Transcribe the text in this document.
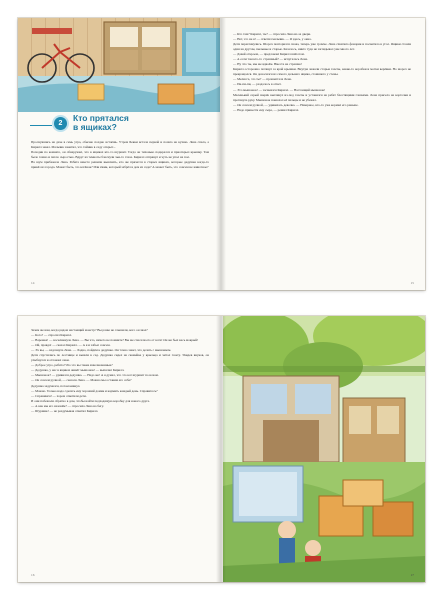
2	Кто прятался
в ящиках?
Проснувшись на даче в семь утра, обычно поздно встаёшь. Утром Бекки встала первой и пошла на кухню. Лена спала, а Кирилл зевал. Мальчик заметил, что тайник в саду открыт...
Походив по комнате, он обнаружил, что в ящиках кто-то шуршит. Тогда он тихонько подкрался и приоткрыл крышку. Там было темно и пахло сыростью. Вдруг из темноты блеснули чьи-то глаза. Кирилл отпрянул и чуть не упал на пол.
На шум прибежала Лена. Ребята вместе решили выяснить, кто же прячется в старых ящиках, которые дедушка когда-то привёз из города. Может быть, это котёнок? Или ёжик, который забрёл в дом из сада? А может быть, это совсем не животное?
14
— Кто там? Кирилл, ты? — спросила Лена из-за двери.
— Нет, это не я! — ответил мальчик. — Я здесь, у окна.
Дети переглянулись. Шорох повторился снова, теперь уже громче. Лена схватила фонарик и посветила в угол. Ящики стояли один на другом, пыльные и старые. Казалось, никто туда не заглядывал уже много лет.
— Давай откроем, — предложил Кирилл шёпотом.
— А если там кто-то страшный? — испугалась Лена.
— Ну что ты, мы же вдвоём. Вместе не страшно!
Кирилл осторожно потянул за край крышки. Внутри лежали старые газеты, какие-то коробки и мотки верёвки. Но шорох не прекращался. Он доносился из самого дальнего ящика, стоявшего у стены.
— Мелисса, это ты? — прошептала Лена.
— Пи-пи-пи, — раздалось в ответ.
— Это мышонок! — засмеялся Кирилл. — Настоящий мышонок!
Маленький серый зверёк выглянул из-под газеты и уставился на ребят блестящими глазками. Лена присела на корточки и протянула руку. Мышонок понюхал её пальцы и не убежал.
— Он совсем ручной, — удивилась девочка. — Наверное, кто-то уже кормил его раньше.
— Надо принести ему сыра, — решил Кирилл.
15
Зачем же вам, когда рядом настоящий монстр? Вы разве не слышали, кого он звал?
— Кого? — спросил Кирилл.
— Варежка! — воскликнула Лена. — Вы что, ничего не помните? Вы же спасали его от кота! Он же был весь мокрый!
— Ой, правда! — сказал Кирилл. — А я и забыл совсем.
— Эх вы, — вздохнула Лена. — Ладно, пойдём к дедушке. Он точно знает, что делать с мышонком.
Дети спустились по лестнице и вышли в сад. Дедушка сидел на скамейке у крыльца и читал газету. Увидев внуков, он улыбнулся и отложил очки.
— Доброе утро, ребята! Что это вы такие взволнованные?
— Дедушка, у нас в ящиках живёт мышонок! — выпалил Кирилл.
— Мышонок? — удивился дедушка. — Надо же! А я думал, что это кот шуршит по ночам.
— Он совсем ручной, — сказала Лена. — Можно мы оставим его себе?
Дедушка задумался, потом кивнул.
— Можно. Только надо сделать ему хороший домик и кормить каждый день. Справитесь?
— Справимся! — хором ответили дети.
И они побежали обратно в дом, чтобы найти подходящую коробку для нового друга.
— А как мы его назовём? — спросила Лена на бегу.
— Шуршик! — не раздумывая ответил Кирилл.
16	17
